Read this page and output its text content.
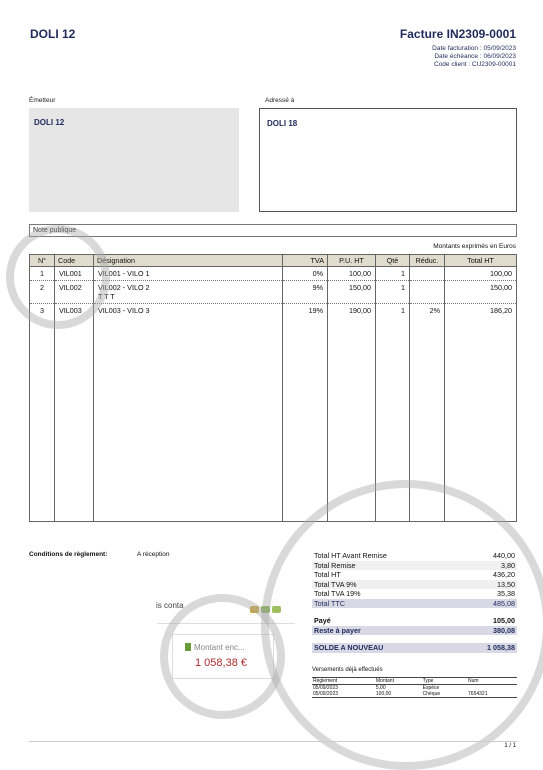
DOLI 12	Facture IN2309-0001
Date facturation : 05/09/2023
Date échéance : 06/09/2023
Code client : CU2309-00001
Émetteur	Adressé à
DOLI 12	DOLI 18
Note publique
Montants exprimés en Euros
N°	Code	Désignation	TVA	P.U. HT	Qté	Réduc.	Total HT
1	VIL001	VIL001 - VILO 1	0%	100,00	1		100,00
2	VIL002	VIL002 - VILO 2
T T T	9%	150,00	1		150,00
3	VIL003	VIL003 - VILO 3	19%	190,00	1	2%	186,20

Conditions de règlement:	A réception	Total HT Avant Remise	440,00
Total Remise	3,80
Total HT	436,20
Total TVA 9%	13,50
Total TVA 19%	35,38
Total TTC	485,08

Payé	105,00
Reste à payer	380,08

SOLDE A NOUVEAU	1 058,38
Versements déjà effectués
Règlement	Montant	Type	Num
05/09/2023	5,00	Espèce	
05/09/2023	100,00	Chèque	7654321
is conta
Montant enc...
1 058,38 €
1 / 1
